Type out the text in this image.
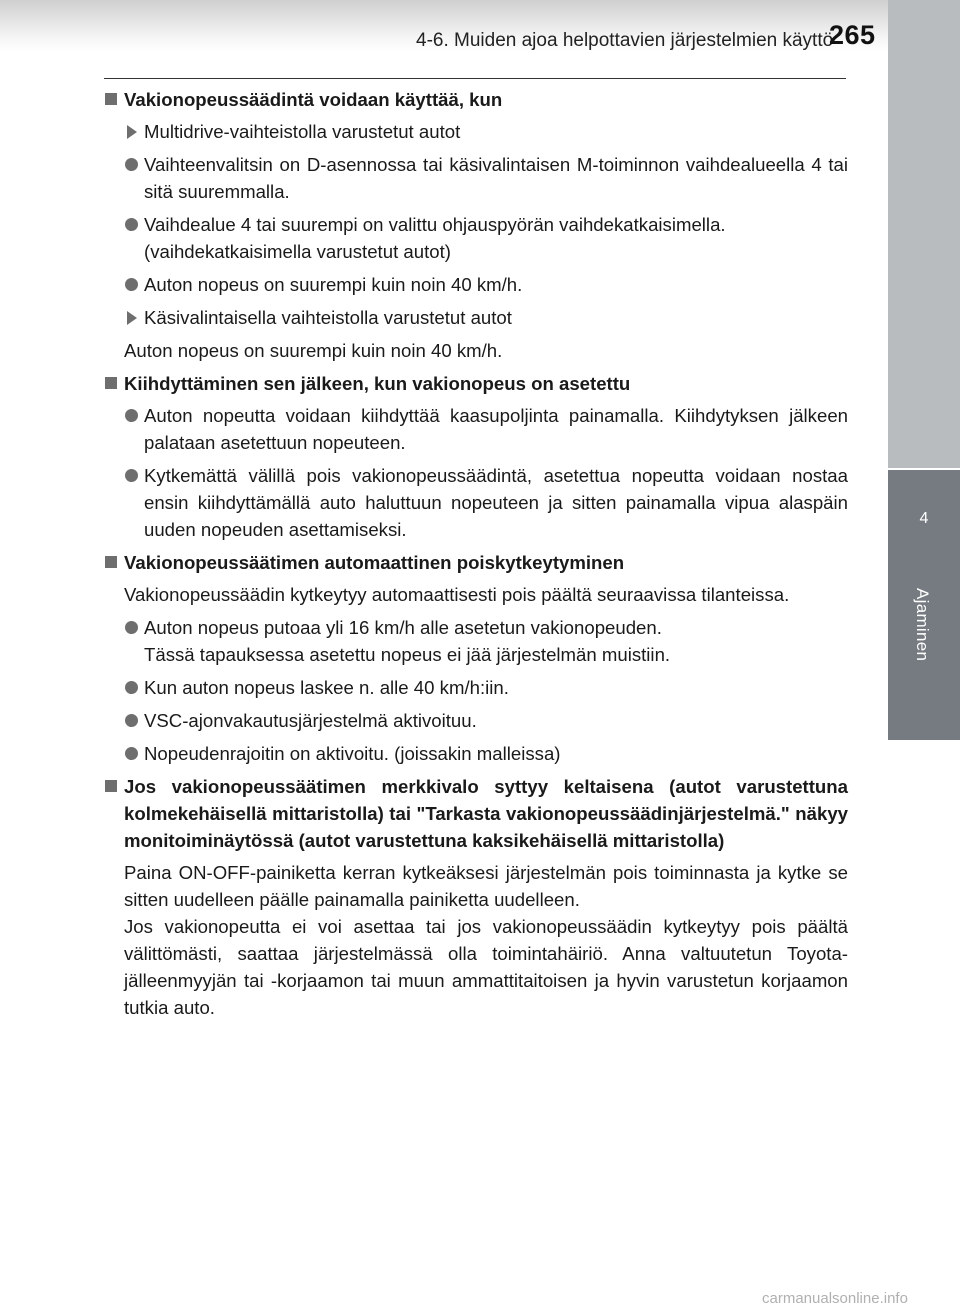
4-6. Muiden ajoa helpottavien järjestelmien käyttö
265
4
Ajaminen
Vakionopeussäädintä voidaan käyttää, kun
Multidrive-vaihteistolla varustetut autot
Vaihteenvalitsin on D-asennossa tai käsivalintaisen M-toiminnon vaihdealueella 4 tai sitä suuremmalla.
Vaihdealue 4 tai suurempi on valittu ohjauspyörän vaihdekatkaisimella.
(vaihdekatkaisimella varustetut autot)
Auton nopeus on suurempi kuin noin 40 km/h.
Käsivalintaisella vaihteistolla varustetut autot
Auton nopeus on suurempi kuin noin 40 km/h.
Kiihdyttäminen sen jälkeen, kun vakionopeus on asetettu
Auton nopeutta voidaan kiihdyttää kaasupoljinta painamalla. Kiihdytyksen jälkeen palataan asetettuun nopeuteen.
Kytkemättä välillä pois vakionopeussäädintä, asetettua nopeutta voidaan nostaa ensin kiihdyttämällä auto haluttuun nopeuteen ja sitten painamalla vipua alaspäin uuden nopeuden asettamiseksi.
Vakionopeussäätimen automaattinen poiskytkeytyminen
Vakionopeussäädin kytkeytyy automaattisesti pois päältä seuraavissa tilanteissa.
Auton nopeus putoaa yli 16 km/h alle asetetun vakionopeuden.
Tässä tapauksessa asetettu nopeus ei jää järjestelmän muistiin.
Kun auton nopeus laskee n. alle 40 km/h:iin.
VSC-ajonvakautusjärjestelmä aktivoituu.
Nopeudenrajoitin on aktivoitu. (joissakin malleissa)
Jos vakionopeussäätimen merkkivalo syttyy keltaisena (autot varustettuna kolmekehäisellä mittaristolla) tai "Tarkasta vakionopeussäädinjärjestelmä." näkyy monitoiminäytössä (autot varustettuna kaksikehäisellä mittaristolla)
Paina ON-OFF-painiketta kerran kytkeäksesi järjestelmän pois toiminnasta ja kytke se sitten uudelleen päälle painamalla painiketta uudelleen.
Jos vakionopeutta ei voi asettaa tai jos vakionopeussäädin kytkeytyy pois päältä välittömästi, saattaa järjestelmässä olla toimintahäiriö. Anna valtuutetun Toyota-jälleenmyyjän tai -korjaamon tai muun ammattitaitoisen ja hyvin varustetun korjaamon tutkia auto.
carmanualsonline.info
